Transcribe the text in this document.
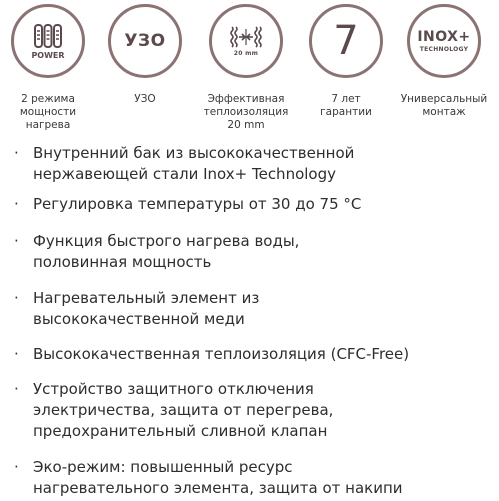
POWER
2 режима
мощности
нагрева
УЗО
УЗО
20 mm
Эффективная
теплоизоляция
20 mm
7
7 лет
гарантии
INOX+
TECHNOLOGY
Универсальный
монтаж
· Внутренний бак из высококачественной
нержавеющей стали Inox+ Technology
· Регулировка температуры от 30 до 75 °С
· Функция быстрого нагрева воды,
половинная мощность
· Нагревательный элемент из
высококачественной меди
· Высококачественная теплоизоляция (CFC-Free)
· Устройство защитного отключения
электричества, защита от перегрева,
предохранительный сливной клапан
· Эко-режим: повышенный ресурс
нагревательного элемента, защита от накипи
